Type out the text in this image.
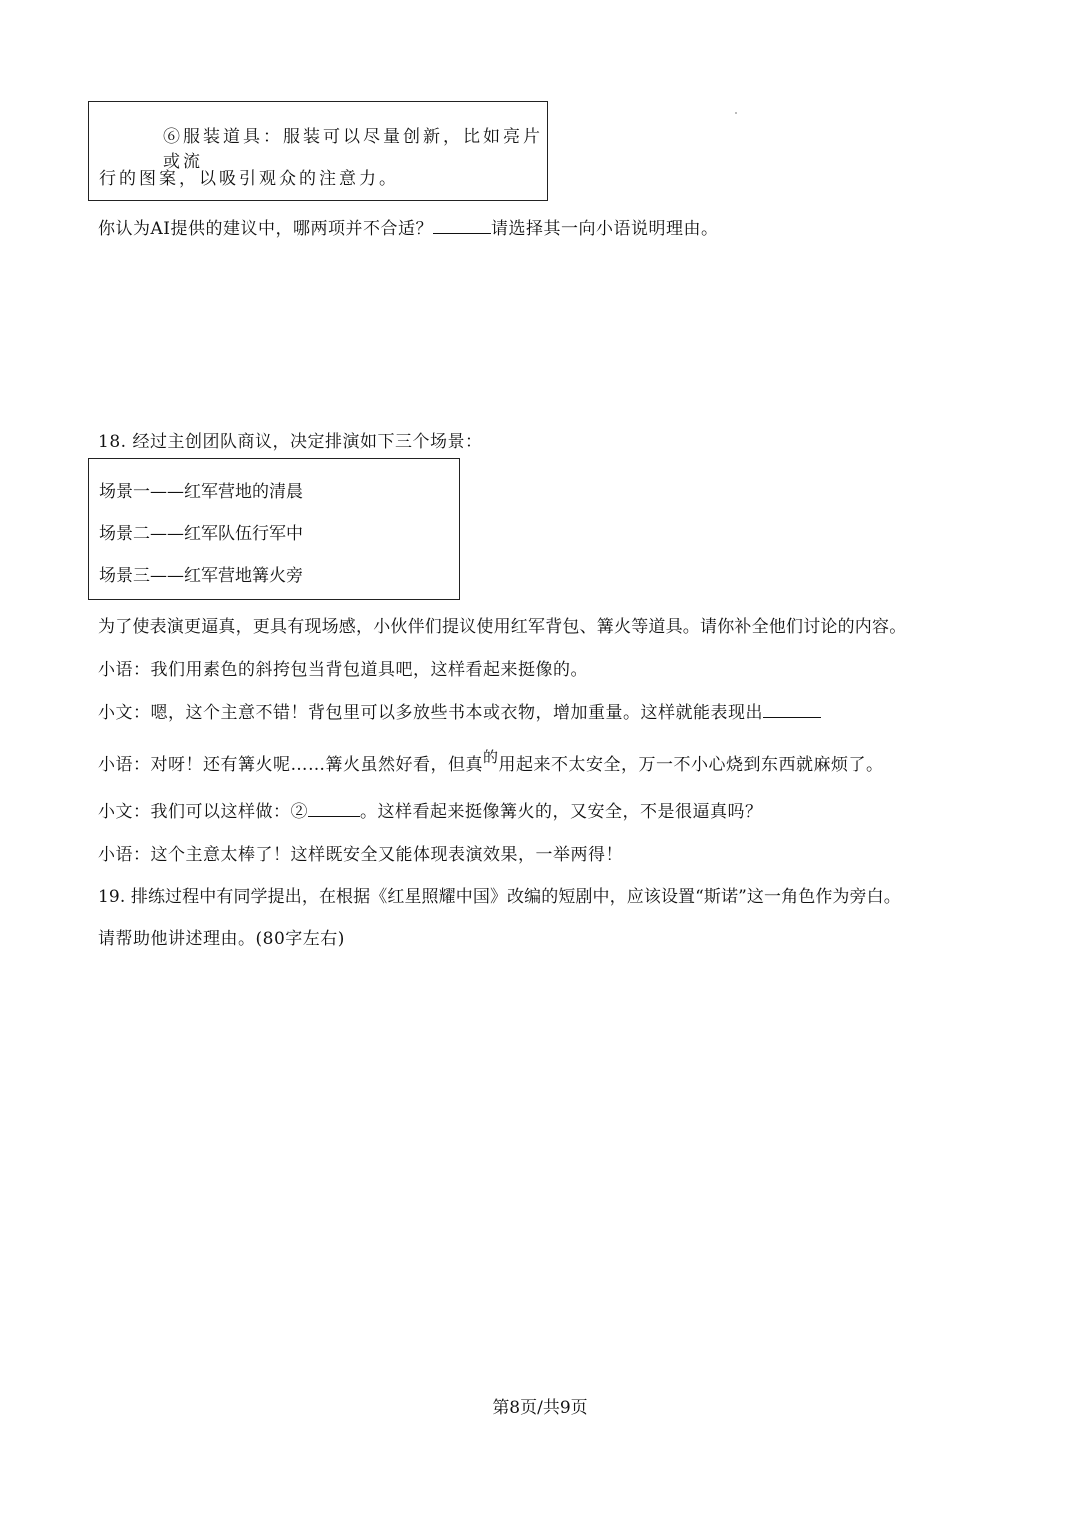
⑥服装道具：服装可以尽量创新，比如亮片或流
行的图案，以吸引观众的注意力。
你认为AI提供的建议中，哪两项并不合适？	请选择其一向小语说明理由。
18. 经过主创团队商议，决定排演如下三个场景：
场景一——红军营地的清晨
场景二——红军队伍行军中
场景三——红军营地篝火旁
为了使表演更逼真，更具有现场感，小伙伴们提议使用红军背包、篝火等道具。请你补全他们讨论的内容。
小语：我们用素色的斜挎包当背包道具吧，这样看起来挺像的。
小文：嗯，这个主意不错！背包里可以多放些书本或衣物，增加重量。这样就能表现出
小语：对呀！还有篝火呢……篝火虽然好看，但真的用起来不太安全，万一不小心烧到东西就麻烦了。
小文：我们可以这样做：②	。这样看起来挺像篝火的，又安全，不是很逼真吗？
小语：这个主意太棒了！这样既安全又能体现表演效果，一举两得！
19. 排练过程中有同学提出，在根据《红星照耀中国》改编的短剧中，应该设置“斯诺”这一角色作为旁白。
请帮助他讲述理由。(80字左右)
第8页/共9页
